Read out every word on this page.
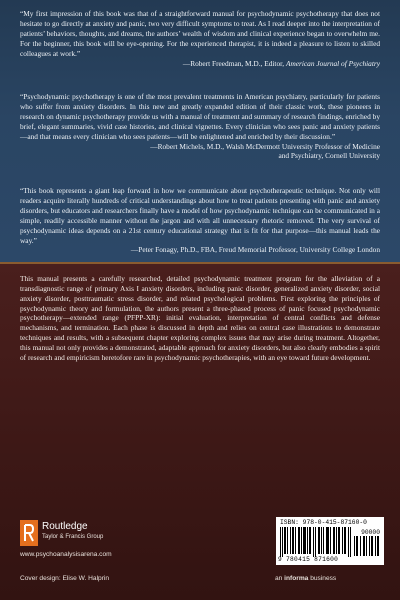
“My first impression of this book was that of a straightforward manual for psychodynamic psychotherapy that does not hesitate to go directly at anxiety and panic, two very difficult symptoms to treat. As I read deeper into the interpretation of patients’ behaviors, thoughts, and dreams, the authors’ wealth of wisdom and clinical experience began to overwhelm me. For the beginner, this book will be eye-opening. For the experienced therapist, it is indeed a pleasure to listen to skilled colleagues at work.”

—Robert Freedman, M.D., Editor, American Journal of Psychiatry

“Psychodynamic psychotherapy is one of the most prevalent treatments in American psychiatry, particularly for patients who suffer from anxiety disorders. In this new and greatly expanded edition of their classic work, these pioneers in research on dynamic psychotherapy provide us with a manual of treatment and summary of research findings, enriched by brief, elegant summaries, vivid case histories, and clinical vignettes. Every clinician who sees panic and anxiety patients—and that means every clinician who sees patients—will be enlightened and enriched by their discussion.”

—Robert Michels, M.D., Walsh McDermott University Professor of Medicine
and Psychiatry, Cornell University

“This book represents a giant leap forward in how we communicate about psychotherapeutic technique. Not only will readers acquire literally hundreds of critical understandings about how to treat patients presenting with panic and anxiety disorders, but educators and researchers finally have a model of how psychodynamic technique can be communicated in a simple, readily accessible manner without the jargon and with all unnecessary rhetoric removed. The very survival of psychodynamic ideas depends on a 21st century educational strategy that is fit for that purpose—this manual leads the way.”

—Peter Fonagy, Ph.D., FBA, Freud Memorial Professor, University College London

This manual presents a carefully researched, detailed psychodynamic treatment program for the alleviation of a transdiagnostic range of primary Axis I anxiety disorders, including panic disorder, generalized anxiety disorder, social anxiety disorder, posttraumatic stress disorder, and related psychological problems. First exploring the principles of psychodynamic theory and formulation, the authors present a three-phased process of panic focused psychodynamic psychotherapy—extended range (PFPP-XR): initial evaluation, interpretation of central conflicts and defense mechanisms, and termination. Each phase is discussed in depth and relies on central case illustrations to demonstrate techniques and results, with a subsequent chapter exploring complex issues that may arise during treatment. Altogether, this manual not only provides a demonstrated, adaptable approach for anxiety disorders, but also clearly embodies a spirit of research and empiricism heretofore rare in psychodynamic psychotherapies, with an eye toward future development.

Routledge
Taylor & Francis Group
www.psychoanalysisarena.com
Cover design: Elise W. Halprin	an informa business
ISBN: 978-0-415-87160-0
90000
9 780415 871600
